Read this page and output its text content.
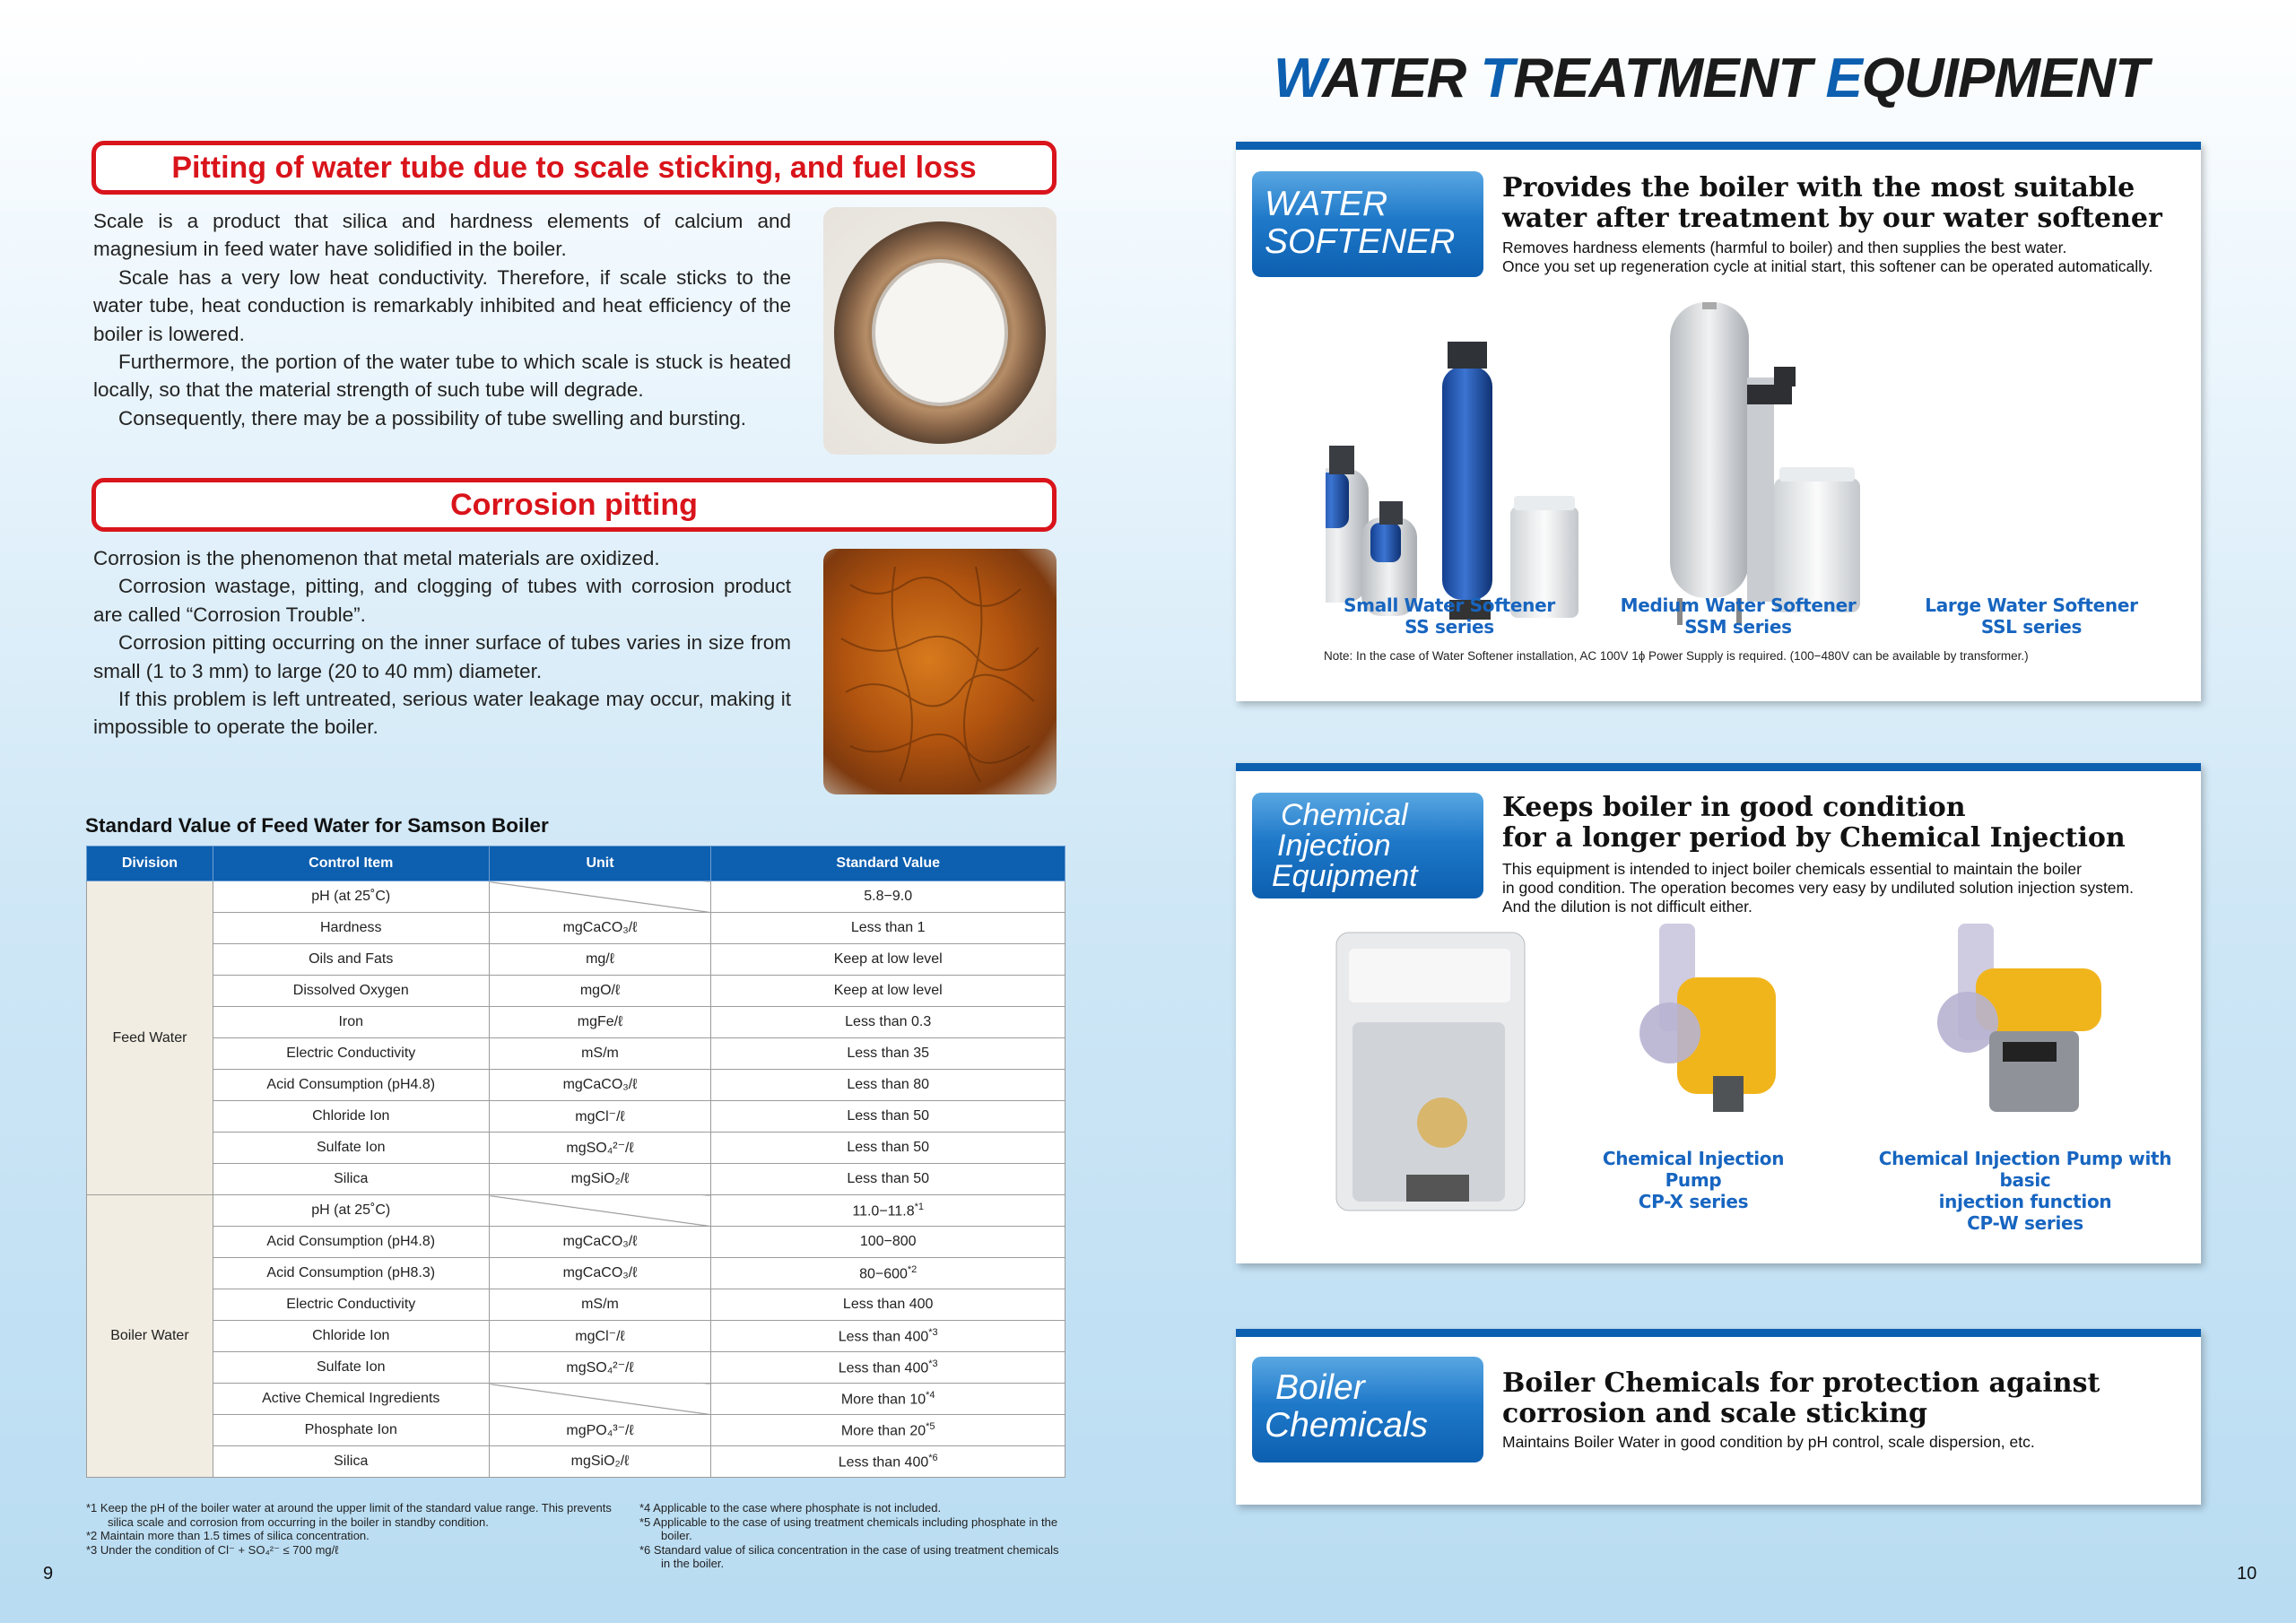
Pitting of water tube due to scale sticking, and fuel loss

Scale is a product that silica and hardness elements of calcium and magnesium in feed water have solidified in the boiler.

Scale has a very low heat conductivity. Therefore, if scale sticks to the water tube, heat conduction is remarkably inhibited and heat efficiency of the boiler is lowered.

Furthermore, the portion of the water tube to which scale is stuck is heated locally, so that the material strength of such tube will degrade.

Consequently, there may be a possibility of tube swelling and bursting.

Corrosion pitting

Corrosion is the phenomenon that metal materials are oxidized.

Corrosion wastage, pitting, and clogging of tubes with corrosion product are called “Corrosion Trouble”.

Corrosion pitting occurring on the inner surface of tubes varies in size from small (1 to 3 mm) to large (20 to 40 mm) diameter.

If this problem is left untreated, serious water leakage may occur, making it impossible to operate the boiler.

Standard Value of Feed Water for Samson Boiler
Division	Control Item	Unit	Standard Value
Feed Water	pH (at 25˚C)		5.8−9.0
	Hardness	mgCaCO₃/ℓ	Less than 1
	Oils and Fats	mg/ℓ	Keep at low level
	Dissolved Oxygen	mgO/ℓ	Keep at low level
	Iron	mgFe/ℓ	Less than 0.3
	Electric Conductivity	mS/m	Less than 35
	Acid Consumption (pH4.8)	mgCaCO₃/ℓ	Less than 80
	Chloride Ion	mgCl⁻/ℓ	Less than 50
	Sulfate Ion	mgSO₄²⁻/ℓ	Less than 50
	Silica	mgSiO₂/ℓ	Less than 50
Boiler Water	pH (at 25˚C)		$11.0-11.8^{*1}$
	Acid Consumption (pH4.8)	mgCaCO₃/ℓ	100−800
	Acid Consumption (pH8.3)	mgCaCO₃/ℓ	$80-600^{*2}$
	Electric Conductivity	mS/m	Less than 400
	Chloride Ion	mgCl⁻/ℓ	Less than 400$^{*3}$
	Sulfate Ion	mgSO₄²⁻/ℓ	Less than 400$^{*3}$
	Active Chemical Ingredients		More than 10$^{*4}$
	Phosphate Ion	mgPO₄³⁻/ℓ	More than 20$^{*5}$
	Silica	mgSiO₂/ℓ	Less than 400$^{*6}$
*1 Keep the pH of the boiler water at around the upper limit of the standard value range. This prevents silica scale and corrosion from occurring in the boiler in standby condition.
*2 Maintain more than 1.5 times of silica concentration.
*3 Under the condition of Cl⁻ + SO₄²⁻ ≤ 700 mg/ℓ
*4 Applicable to the case where phosphate is not included.
*5 Applicable to the case of using treatment chemicals including phosphate in the boiler.
*6 Standard value of silica concentration in the case of using treatment chemicals in the boiler.
9
WATER TREATMENT EQUIPMENT
WATER
SOFTENER
Provides the boiler with the most suitable
water after treatment by our water softener
Removes hardness elements (harmful to boiler) and then supplies the best water.
Once you set up regeneration cycle at initial start, this softener can be operated automatically.
Small Water Softener
SS series
Medium Water Softener
SSM series
Large Water Softener
SSL series
Note: In the case of Water Softener installation, AC 100V 1ϕ Power Supply is required. (100−480V can be available by transformer.)
Chemical
Injection
Equipment
Keeps boiler in good condition
for a longer period by Chemical Injection
This equipment is intended to inject boiler chemicals essential to maintain the boiler
in good condition. The operation becomes very easy by undiluted solution injection system.
And the dilution is not difficult either.
Chemical Injection Pump
CP-X series
Chemical Injection Pump with basic
injection function
CP-W series
Boiler
Chemicals
Boiler Chemicals for protection against
corrosion and scale sticking
Maintains Boiler Water in good condition by pH control, scale dispersion, etc.
10
